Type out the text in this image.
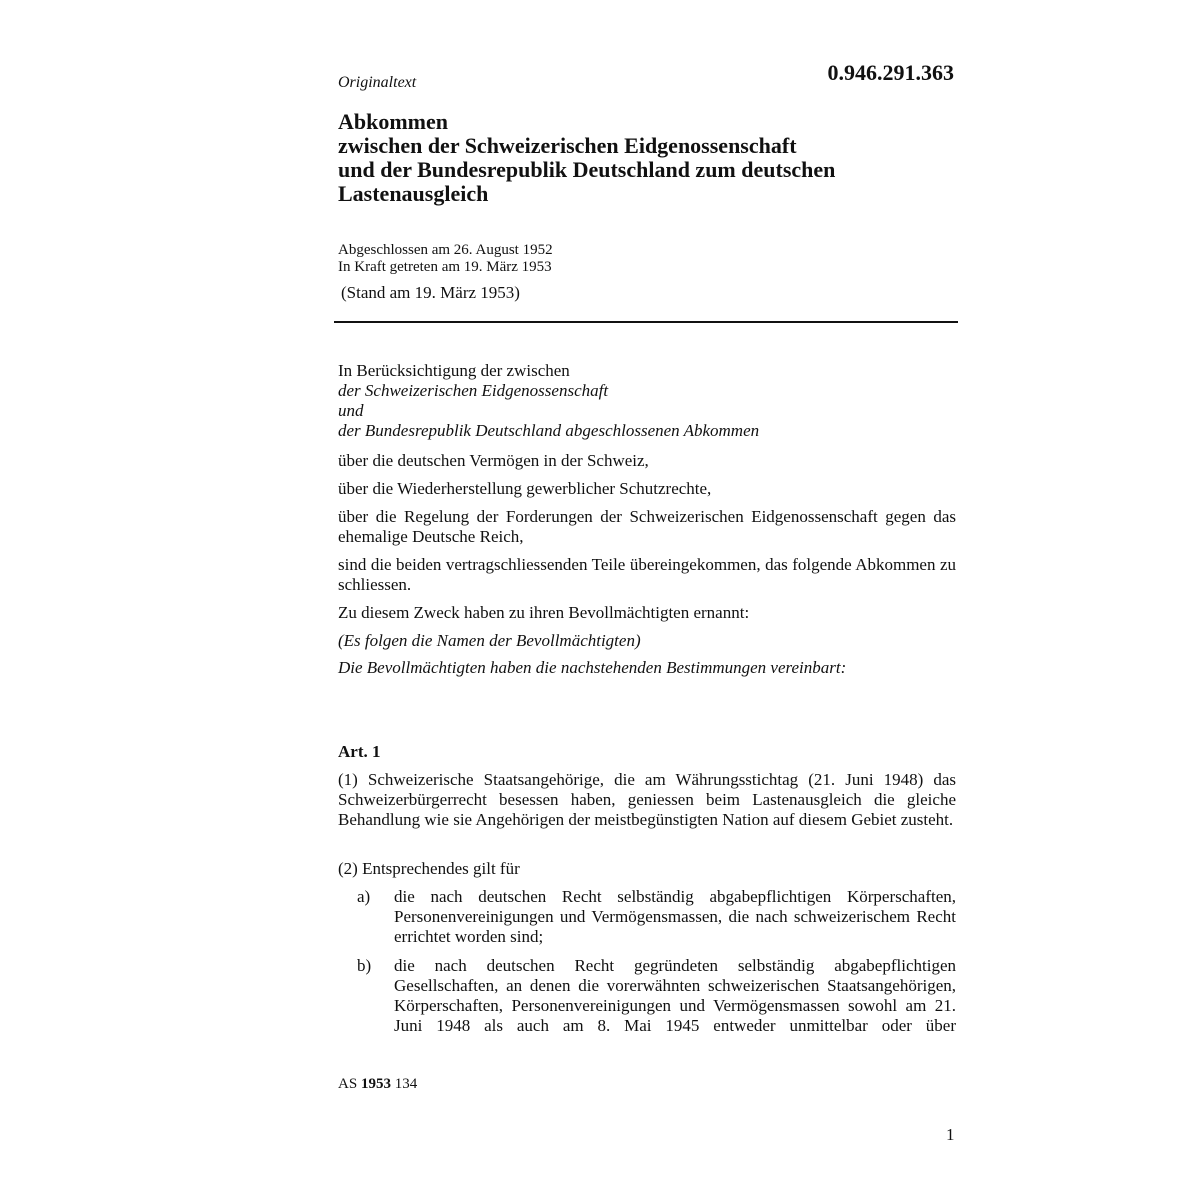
Originaltext	0.946.291.363

Abkommen
zwischen der Schweizerischen Eidgenossenschaft
und der Bundesrepublik Deutschland zum deutschen
Lastenausgleich
Abgeschlossen am 26. August 1952
In Kraft getreten am 19. März 1953

(Stand am 19. März 1953)

In Berücksichtigung der zwischen
der Schweizerischen Eidgenossenschaft
und
der Bundesrepublik Deutschland abgeschlossenen Abkommen

über die deutschen Vermögen in der Schweiz,

über die Wiederherstellung gewerblicher Schutzrechte,

über die Regelung der Forderungen der Schweizerischen Eidgenossenschaft gegen das ehemalige Deutsche Reich,

sind die beiden vertragschliessenden Teile übereingekommen, das folgende Abkommen zu schliessen.

Zu diesem Zweck haben zu ihren Bevollmächtigten ernannt:

(Es folgen die Namen der Bevollmächtigten)

Die Bevollmächtigten haben die nachstehenden Bestimmungen vereinbart:

Art. 1

(1) Schweizerische Staatsangehörige, die am Währungsstichtag (21. Juni 1948) das Schweizerbürgerrecht besessen haben, geniessen beim Lastenausgleich die gleiche Behandlung wie sie Angehörigen der meistbegünstigten Nation auf diesem Gebiet zusteht.

(2) Entsprechendes gilt für

a) die nach deutschen Recht selbständig abgabepflichtigen Körperschaften, Personenvereinigungen und Vermögensmassen, die nach schweizerischem Recht errichtet worden sind;
b) die nach deutschen Recht gegründeten selbständig abgabepflichtigen Gesellschaften, an denen die vorerwähnten schweizerischen Staatsangehörigen, Körperschaften, Personenvereinigungen und Vermögensmassen sowohl am 21. Juni 1948 als auch am 8. Mai 1945 entweder unmittelbar oder über

AS 1953 134

1
